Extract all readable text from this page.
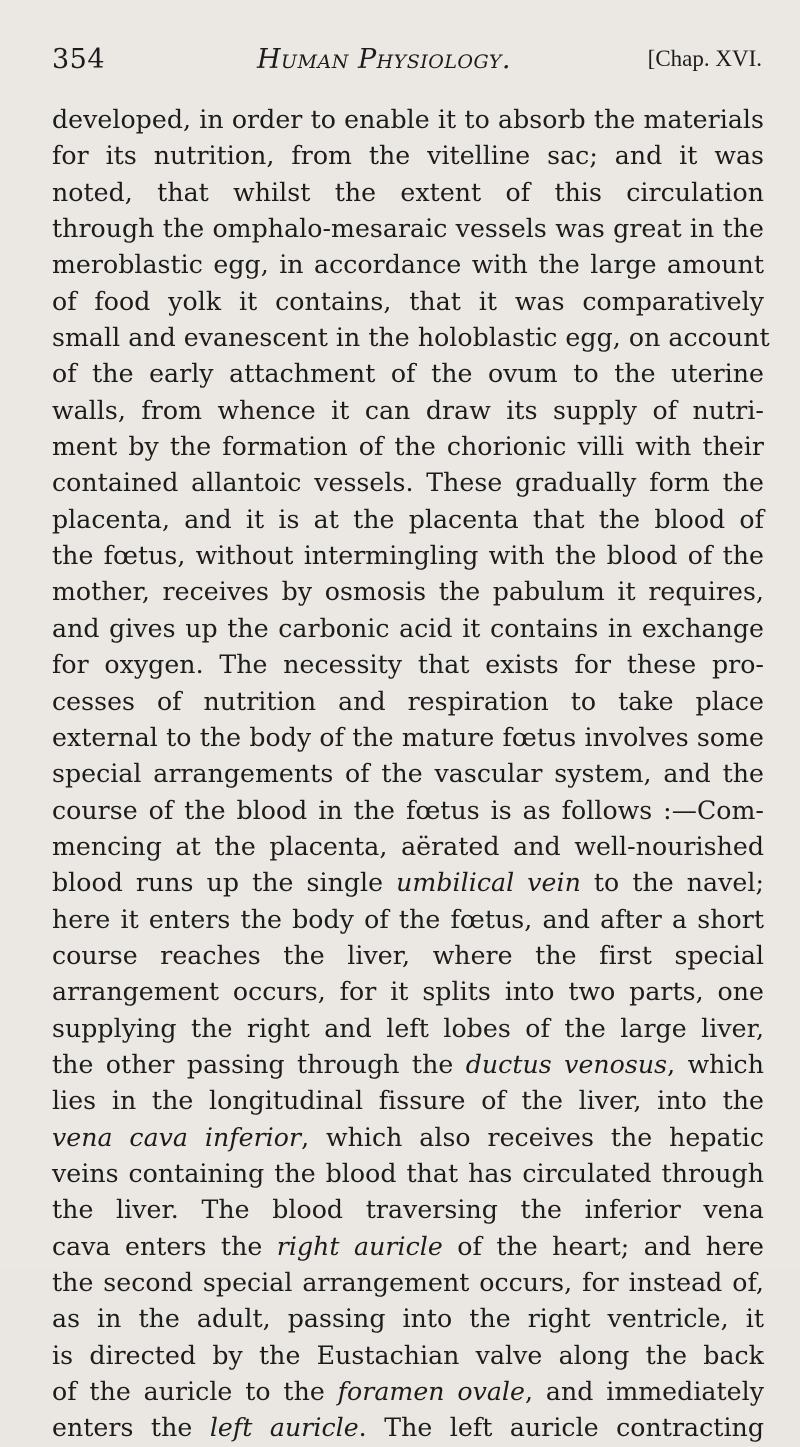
354	Human Physiology.	[Chap. XVI.
developed, in order to enable it to absorb the materials
for its nutrition, from the vitelline sac; and it was
noted, that whilst the extent of this circulation
through the omphalo-mesaraic vessels was great in the
meroblastic egg, in accordance with the large amount
of food yolk it contains, that it was comparatively
small and evanescent in the holoblastic egg, on account
of the early attachment of the ovum to the uterine
walls, from whence it can draw its supply of nutri-
ment by the formation of the chorionic villi with their
contained allantoic vessels. These gradually form the
placenta, and it is at the placenta that the blood of
the fœtus, without intermingling with the blood of the
mother, receives by osmosis the pabulum it requires,
and gives up the carbonic acid it contains in exchange
for oxygen. The necessity that exists for these pro-
cesses of nutrition and respiration to take place
external to the body of the mature fœtus involves some
special arrangements of the vascular system, and the
course of the blood in the fœtus is as follows :—Com-
mencing at the placenta, aërated and well-nourished
blood runs up the single umbilical vein to the navel;
here it enters the body of the fœtus, and after a short
course reaches the liver, where the first special
arrangement occurs, for it splits into two parts, one
supplying the right and left lobes of the large liver,
the other passing through the ductus venosus, which
lies in the longitudinal fissure of the liver, into the
vena cava inferior, which also receives the hepatic
veins containing the blood that has circulated through
the liver. The blood traversing the inferior vena
cava enters the right auricle of the heart; and here
the second special arrangement occurs, for instead of,
as in the adult, passing into the right ventricle, it
is directed by the Eustachian valve along the back
of the auricle to the foramen ovale, and immediately
enters the left auricle. The left auricle contracting
